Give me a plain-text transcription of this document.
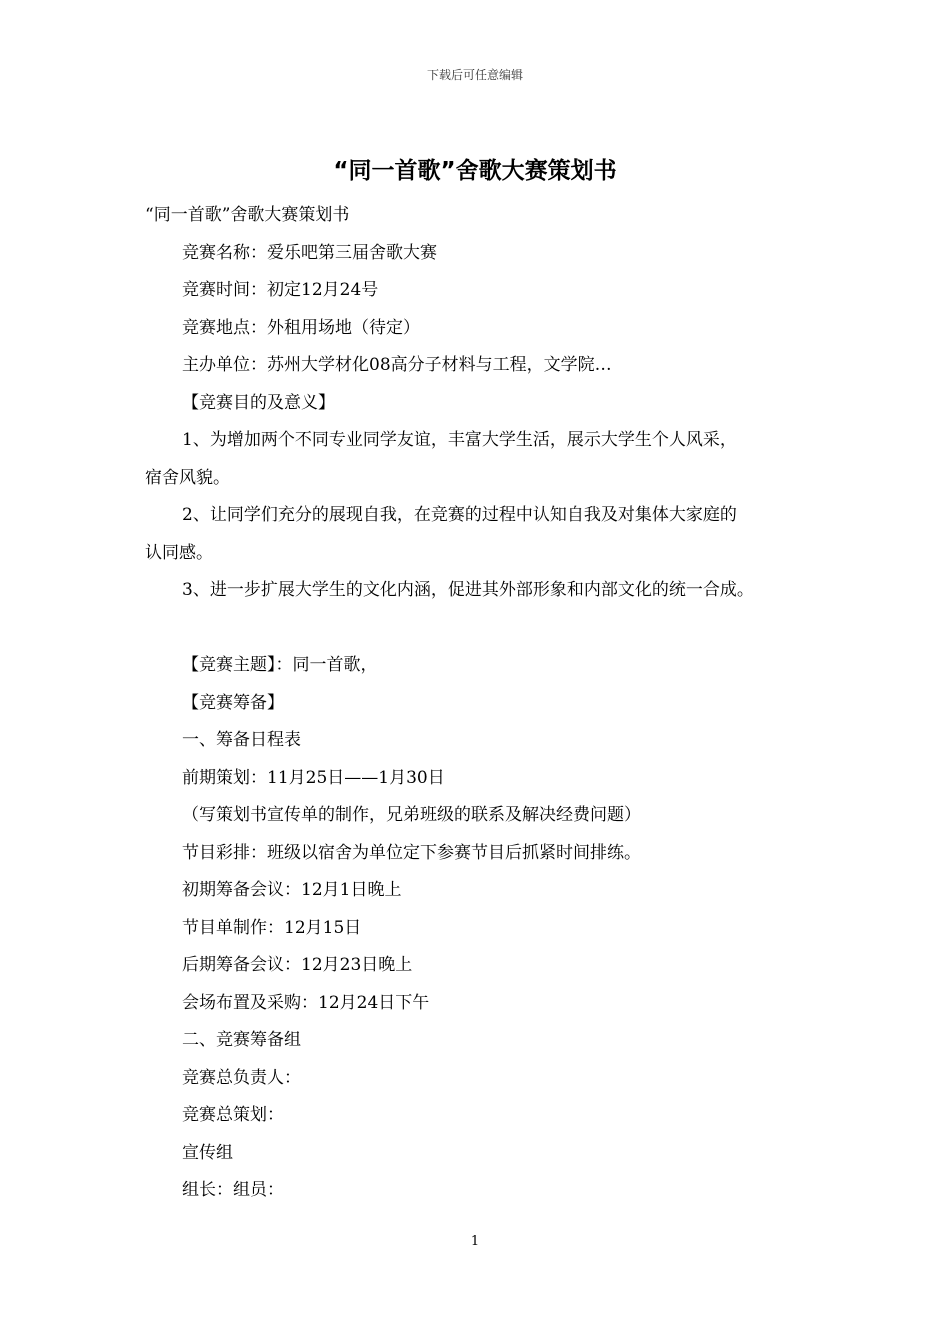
下载后可任意编辑
“同一首歌”舍歌大赛策划书

“同一首歌”舍歌大赛策划书

竞赛名称：爱乐吧第三届舍歌大赛

竞赛时间：初定12月24号

竞赛地点：外租用场地（待定）

主办单位：苏州大学材化08高分子材料与工程，文学院…

【竞赛目的及意义】

1、为增加两个不同专业同学友谊，丰富大学生活，展示大学生个人风采，

宿舍风貌。

2、让同学们充分的展现自我，在竞赛的过程中认知自我及对集体大家庭的

认同感。

3、进一步扩展大学生的文化内涵，促进其外部形象和内部文化的统一合成。

【竞赛主题】：同一首歌，

【竞赛筹备】

一、筹备日程表

前期策划：11月25日——1月30日

（写策划书宣传单的制作，兄弟班级的联系及解决经费问题）

节目彩排：班级以宿舍为单位定下参赛节目后抓紧时间排练。

初期筹备会议：12月1日晚上

节目单制作：12月15日

后期筹备会议：12月23日晚上

会场布置及采购：12月24日下午

二、竞赛筹备组

竞赛总负责人：

竞赛总策划：

宣传组

组长：组员：

1
